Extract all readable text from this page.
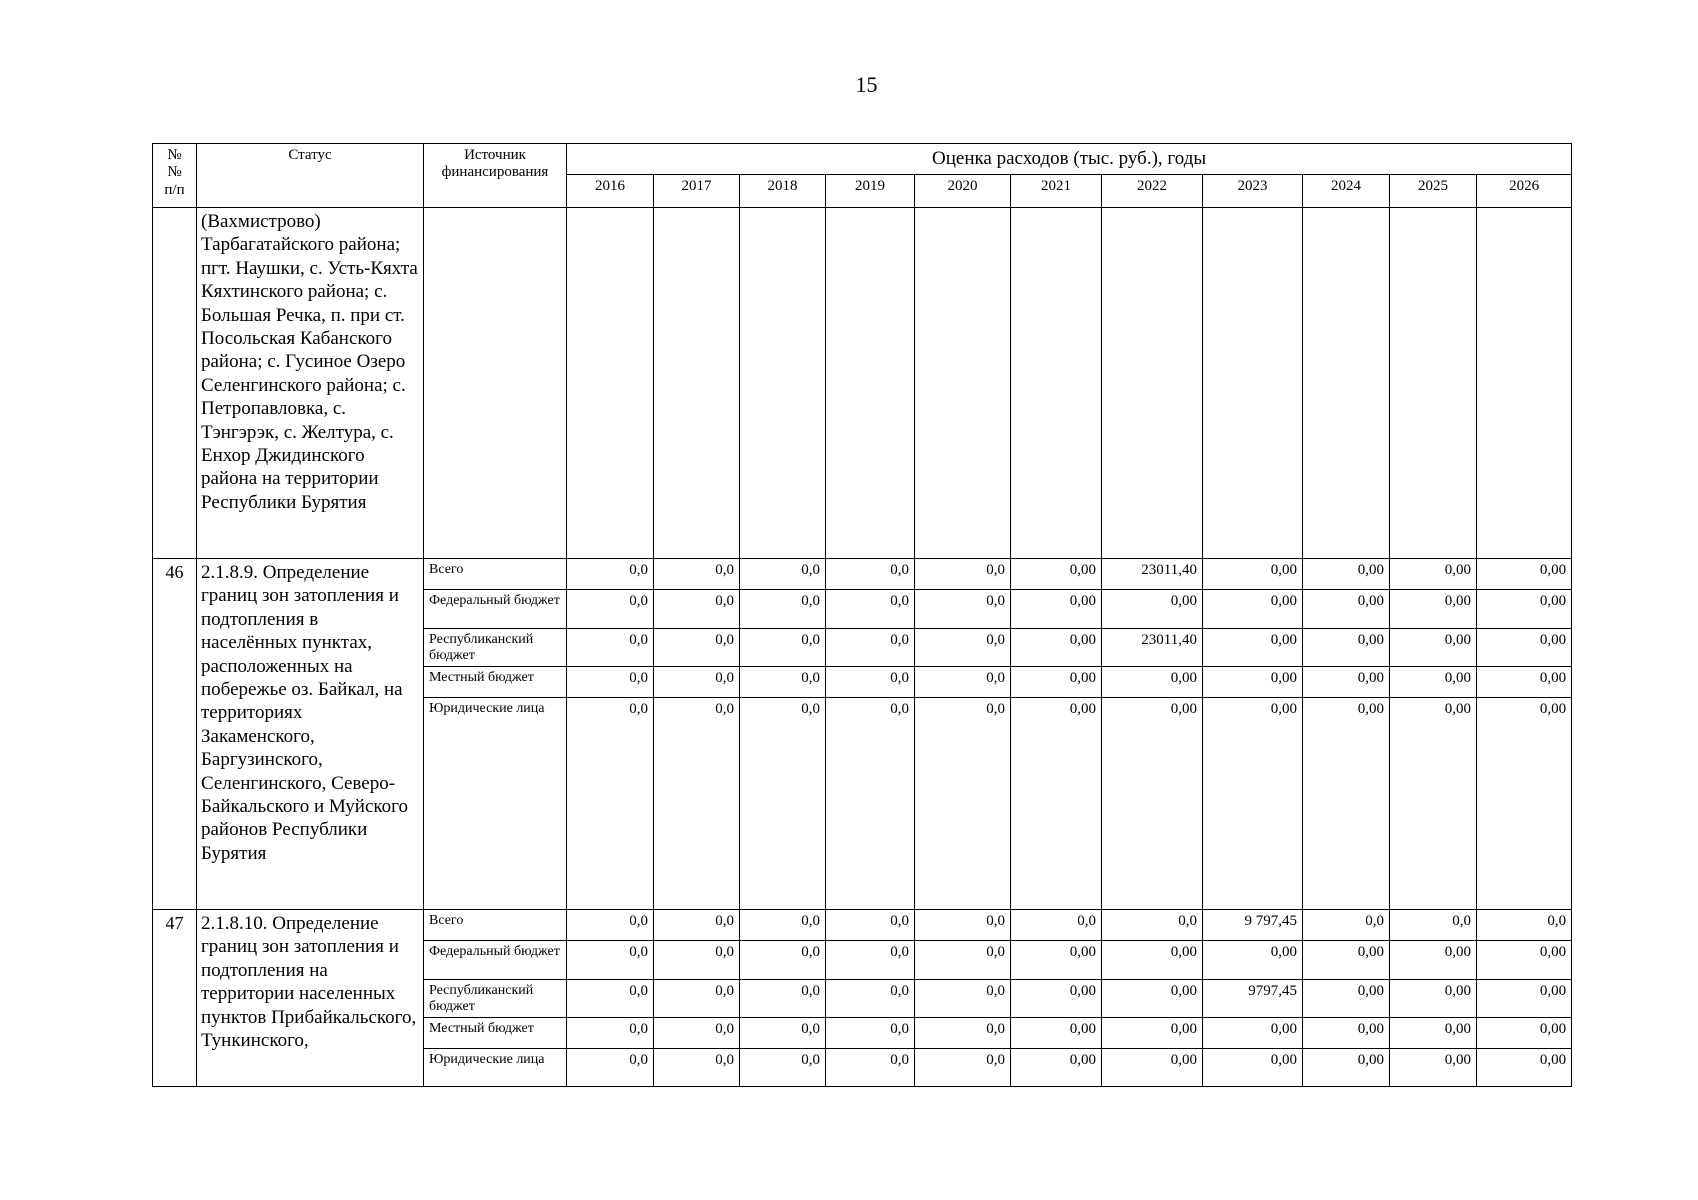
15
№
№
п/п	Статус	Источник финансирования	Оценка расходов (тыс. руб.), годы										
			2016	2017	2018	2019	2020	2021	2022	2023	2024	2025	2026
	(Вахмистрово) Тарбагатайского района; пгт. Наушки, с. Усть-Кяхта Кяхтинского района; с. Большая Речка, п. при ст. Посольская Кабанского района; с. Гусиное Озеро Селенгинского района; с. Петропавловка, с. Тэнгэрэк, с. Желтура, с. Енхор Джидинского района на территории Республики Бурятия												
46	2.1.8.9. Определение границ зон затопления и подтопления в населённых пунктах, расположенных на побережье оз. Байкал, на территориях Закаменского, Баргузинского, Селенгинского, Северо-Байкальского и Муйского районов Республики Бурятия	Всего	0,0	0,0	0,0	0,0	0,0	0,00	23011,40	0,00	0,00	0,00	0,00
		Федеральный бюджет	0,0	0,0	0,0	0,0	0,0	0,00	0,00	0,00	0,00	0,00	0,00
		Республиканский бюджет	0,0	0,0	0,0	0,0	0,0	0,00	23011,40	0,00	0,00	0,00	0,00
		Местный бюджет	0,0	0,0	0,0	0,0	0,0	0,00	0,00	0,00	0,00	0,00	0,00
		Юридические лица	0,0	0,0	0,0	0,0	0,0	0,00	0,00	0,00	0,00	0,00	0,00
47	2.1.8.10. Определение границ зон затопления и подтопления на территории населенных пунктов Прибайкальского, Тункинского,	Всего	0,0	0,0	0,0	0,0	0,0	0,0	0,0	9 797,45	0,0	0,0	0,0
		Федеральный бюджет	0,0	0,0	0,0	0,0	0,0	0,00	0,00	0,00	0,00	0,00	0,00
		Республиканский бюджет	0,0	0,0	0,0	0,0	0,0	0,00	0,00	9797,45	0,00	0,00	0,00
		Местный бюджет	0,0	0,0	0,0	0,0	0,0	0,00	0,00	0,00	0,00	0,00	0,00
		Юридические лица	0,0	0,0	0,0	0,0	0,0	0,00	0,00	0,00	0,00	0,00	0,00
